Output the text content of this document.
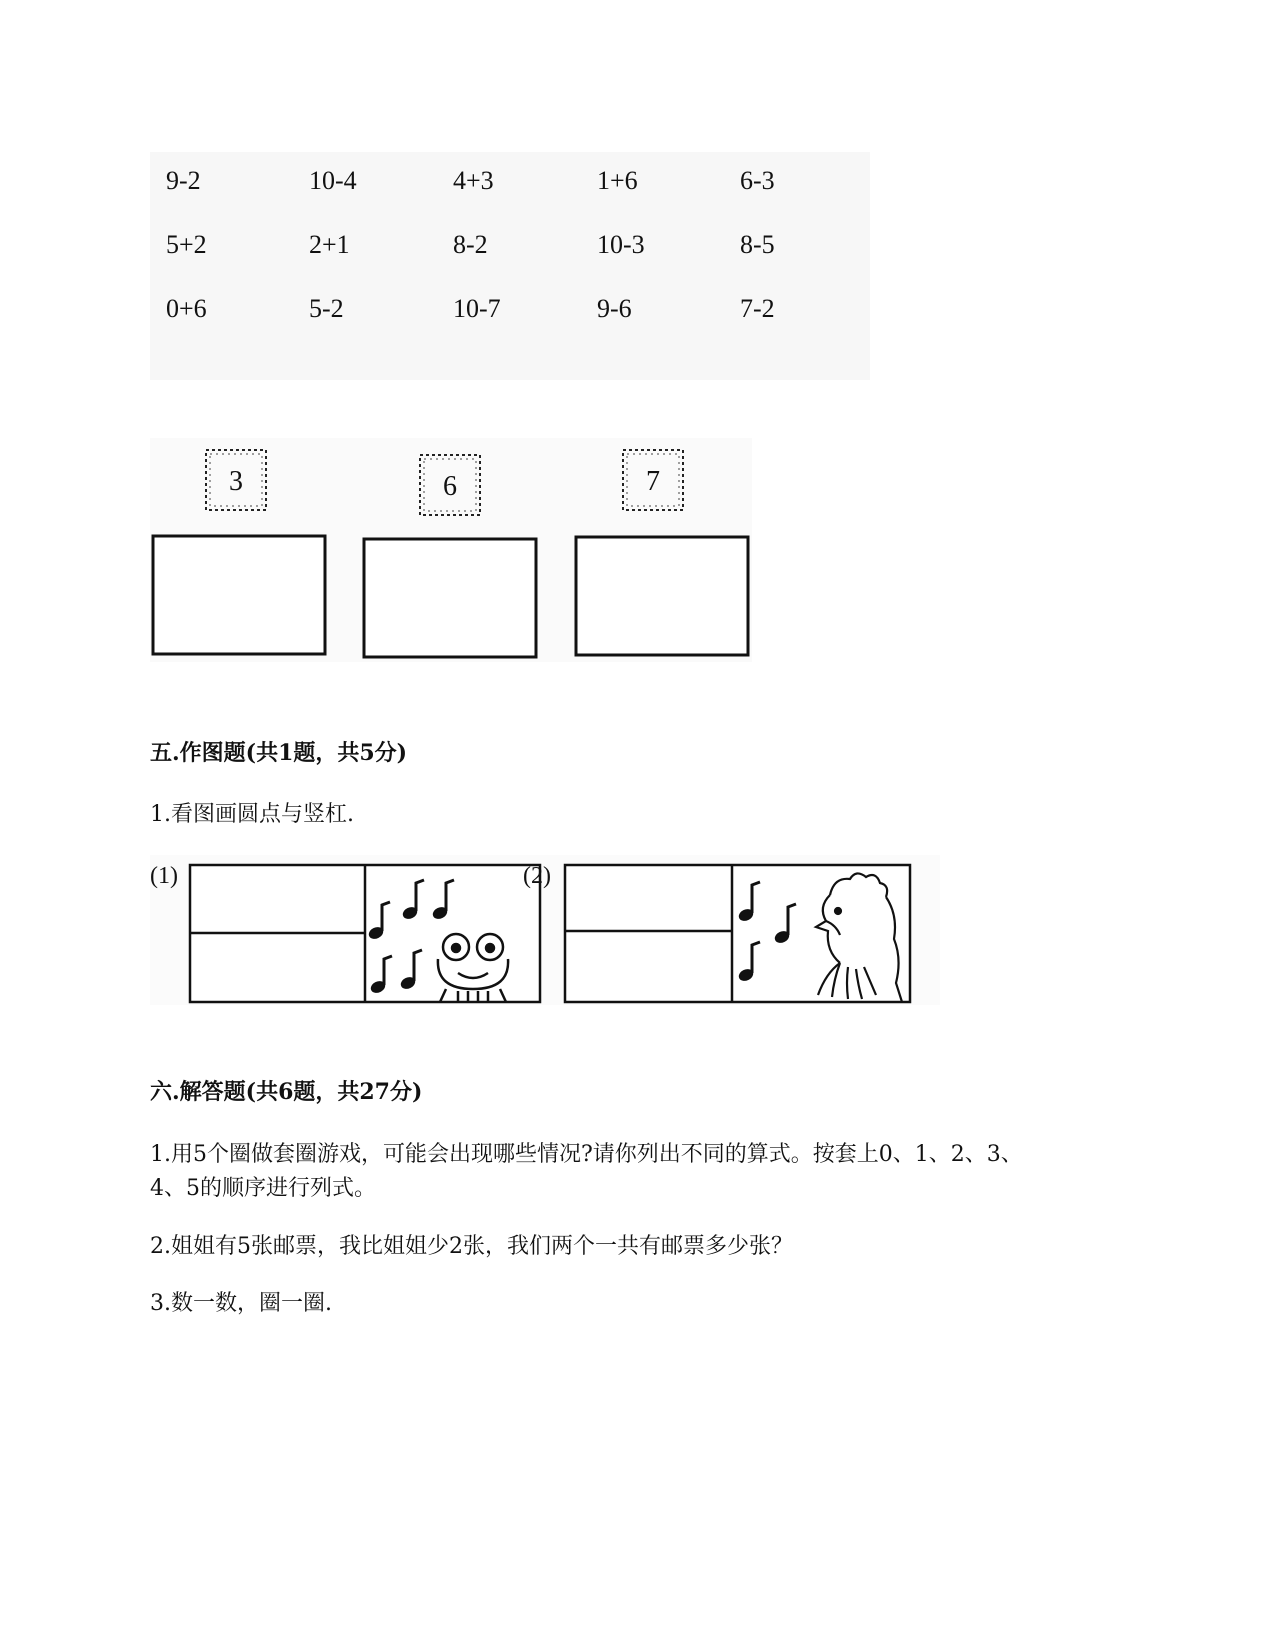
9-2	10-4	4+3	1+6	6-3
5+2	2+1	8-2	10-3	8-5
0+6	5-2	10-7	9-6	7-2
3	6	7
五.作图题(共1题，共5分)
1.看图画圆点与竖杠.
(1)	(2)
六.解答题(共6题，共27分)
1.用5个圈做套圈游戏，可能会出现哪些情况?请你列出不同的算式。按套上0、1、2、3、
4、5的顺序进行列式。
2.姐姐有5张邮票，我比姐姐少2张，我们两个一共有邮票多少张？
3.数一数，圈一圈.
